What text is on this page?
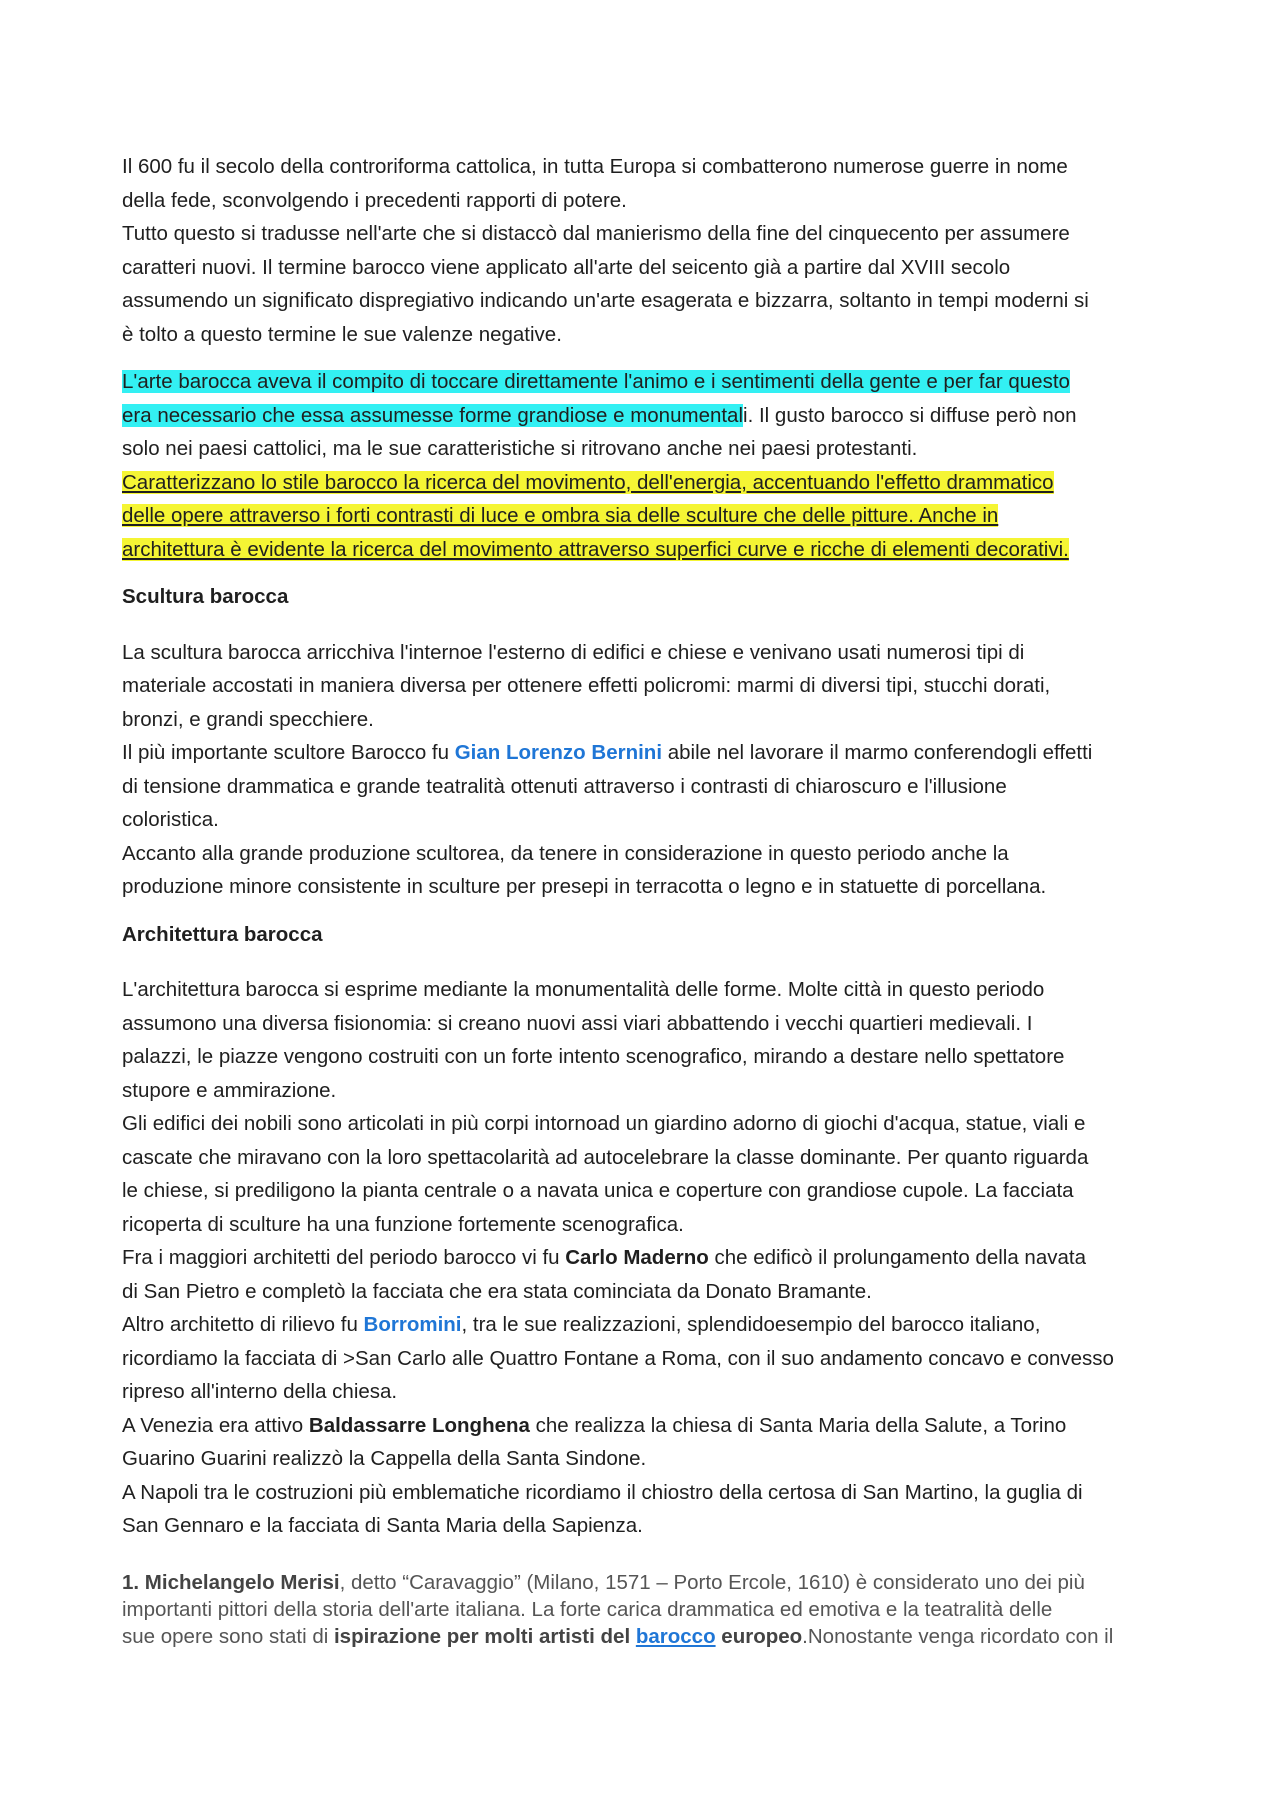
Il 600 fu il secolo della controriforma cattolica, in tutta Europa si combatterono numerose guerre in nome
della fede, sconvolgendo i precedenti rapporti di potere.
Tutto questo si tradusse nell'arte che si distaccò dal manierismo della fine del cinquecento per assumere
caratteri nuovi. Il termine barocco viene applicato all'arte del seicento già a partire dal XVIII secolo
assumendo un significato dispregiativo indicando un'arte esagerata e bizzarra, soltanto in tempi moderni si
è tolto a questo termine le sue valenze negative.

L'arte barocca aveva il compito di toccare direttamente l'animo e i sentimenti della gente e per far questo
era necessario che essa assumesse forme grandiose e monumentali. Il gusto barocco si diffuse però non
solo nei paesi cattolici, ma le sue caratteristiche si ritrovano anche nei paesi protestanti.
Caratterizzano lo stile barocco la ricerca del movimento, dell'energia, accentuando l'effetto drammatico
delle opere attraverso i forti contrasti di luce e ombra sia delle sculture che delle pitture. Anche in
architettura è evidente la ricerca del movimento attraverso superfici curve e ricche di elementi decorativi.

Scultura barocca

La scultura barocca arricchiva l'internoe l'esterno di edifici e chiese e venivano usati numerosi tipi di
materiale accostati in maniera diversa per ottenere effetti policromi: marmi di diversi tipi, stucchi dorati,
bronzi, e grandi specchiere.
Il più importante scultore Barocco fu Gian Lorenzo Bernini abile nel lavorare il marmo conferendogli effetti
di tensione drammatica e grande teatralità ottenuti attraverso i contrasti di chiaroscuro e l'illusione
coloristica.
Accanto alla grande produzione scultorea, da tenere in considerazione in questo periodo anche la
produzione minore consistente in sculture per presepi in terracotta o legno e in statuette di porcellana.

Architettura barocca

L'architettura barocca si esprime mediante la monumentalità delle forme. Molte città in questo periodo
assumono una diversa fisionomia: si creano nuovi assi viari abbattendo i vecchi quartieri medievali. I
palazzi, le piazze vengono costruiti con un forte intento scenografico, mirando a destare nello spettatore
stupore e ammirazione.
Gli edifici dei nobili sono articolati in più corpi intornoad un giardino adorno di giochi d'acqua, statue, viali e
cascate che miravano con la loro spettacolarità ad autocelebrare la classe dominante. Per quanto riguarda
le chiese, si prediligono la pianta centrale o a navata unica e coperture con grandiose cupole. La facciata
ricoperta di sculture ha una funzione fortemente scenografica.
Fra i maggiori architetti del periodo barocco vi fu Carlo Maderno che edificò il prolungamento della navata
di San Pietro e completò la facciata che era stata cominciata da Donato Bramante.
Altro architetto di rilievo fu Borromini, tra le sue realizzazioni, splendidoesempio del barocco italiano,
ricordiamo la facciata di >San Carlo alle Quattro Fontane a Roma, con il suo andamento concavo e convesso
ripreso all'interno della chiesa.
A Venezia era attivo Baldassarre Longhena che realizza la chiesa di Santa Maria della Salute, a Torino
Guarino Guarini realizzò la Cappella della Santa Sindone.
A Napoli tra le costruzioni più emblematiche ricordiamo il chiostro della certosa di San Martino, la guglia di
San Gennaro e la facciata di Santa Maria della Sapienza.

1. Michelangelo Merisi, detto “Caravaggio” (Milano, 1571 – Porto Ercole, 1610) è considerato uno dei più
importanti pittori della storia dell'arte italiana. La forte carica drammatica ed emotiva e la teatralità delle
sue opere sono stati di ispirazione per molti artisti del barocco europeo.Nonostante venga ricordato con il
